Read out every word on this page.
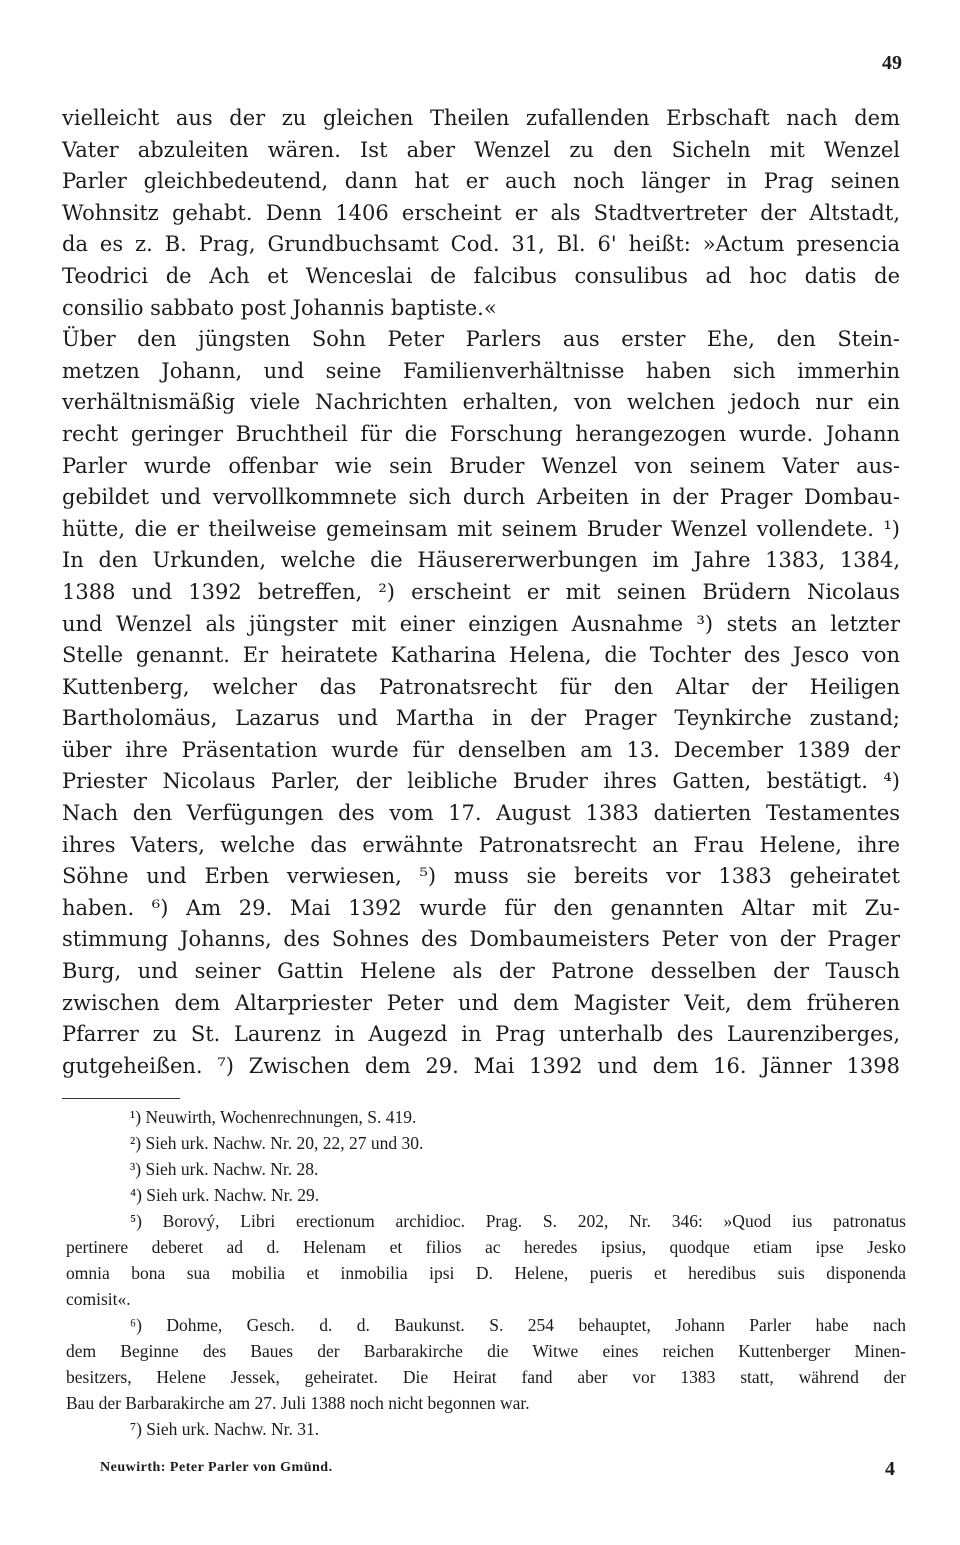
49
vielleicht aus der zu gleichen Theilen zufallenden Erbschaft nach dem
Vater abzuleiten wären. Ist aber Wenzel zu den Sicheln mit Wenzel
Parler gleichbedeutend, dann hat er auch noch länger in Prag seinen
Wohnsitz gehabt. Denn 1406 erscheint er als Stadtvertreter der Altstadt,
da es z. B. Prag, Grundbuchsamt Cod. 31, Bl. 6' heißt: »Actum presencia
Teodrici de Ach et Wenceslai de falcibus consulibus ad hoc datis de
consilio sabbato post Johannis baptiste.«
Über den jüngsten Sohn Peter Parlers aus erster Ehe, den Stein-
metzen Johann, und seine Familienverhältnisse haben sich immerhin
verhältnismäßig viele Nachrichten erhalten, von welchen jedoch nur ein
recht geringer Bruchtheil für die Forschung herangezogen wurde. Johann
Parler wurde offenbar wie sein Bruder Wenzel von seinem Vater aus-
gebildet und vervollkommnete sich durch Arbeiten in der Prager Dombau-
hütte, die er theilweise gemeinsam mit seinem Bruder Wenzel vollendete. ¹)
In den Urkunden, welche die Häusererwerbungen im Jahre 1383, 1384,
1388 und 1392 betreffen, ²) erscheint er mit seinen Brüdern Nicolaus
und Wenzel als jüngster mit einer einzigen Ausnahme ³) stets an letzter
Stelle genannt. Er heiratete Katharina Helena, die Tochter des Jesco von
Kuttenberg, welcher das Patronatsrecht für den Altar der Heiligen
Bartholomäus, Lazarus und Martha in der Prager Teynkirche zustand;
über ihre Präsentation wurde für denselben am 13. December 1389 der
Priester Nicolaus Parler, der leibliche Bruder ihres Gatten, bestätigt. ⁴)
Nach den Verfügungen des vom 17. August 1383 datierten Testamentes
ihres Vaters, welche das erwähnte Patronatsrecht an Frau Helene, ihre
Söhne und Erben verwiesen, ⁵) muss sie bereits vor 1383 geheiratet
haben. ⁶) Am 29. Mai 1392 wurde für den genannten Altar mit Zu-
stimmung Johanns, des Sohnes des Dombaumeisters Peter von der Prager
Burg, und seiner Gattin Helene als der Patrone desselben der Tausch
zwischen dem Altarpriester Peter und dem Magister Veit, dem früheren
Pfarrer zu St. Laurenz in Augezd in Prag unterhalb des Laurenziberges,
gutgeheißen. ⁷) Zwischen dem 29. Mai 1392 und dem 16. Jänner 1398
¹) Neuwirth, Wochenrechnungen, S. 419.
²) Sieh urk. Nachw. Nr. 20, 22, 27 und 30.
³) Sieh urk. Nachw. Nr. 28.
⁴) Sieh urk. Nachw. Nr. 29.
⁵) Borový, Libri erectionum archidioc. Prag. S. 202, Nr. 346: »Quod ius patronatus
pertinere deberet ad d. Helenam et filios ac heredes ipsius, quodque etiam ipse Jesko
omnia bona sua mobilia et inmobilia ipsi D. Helene, pueris et heredibus suis disponenda
comisit«.
⁶) Dohme, Gesch. d. d. Baukunst. S. 254 behauptet, Johann Parler habe nach
dem Beginne des Baues der Barbarakirche die Witwe eines reichen Kuttenberger Minen-
besitzers, Helene Jessek, geheiratet. Die Heirat fand aber vor 1383 statt, während der
Bau der Barbarakirche am 27. Juli 1388 noch nicht begonnen war.
⁷) Sieh urk. Nachw. Nr. 31.
Neuwirth: Peter Parler von Gmünd.	4
